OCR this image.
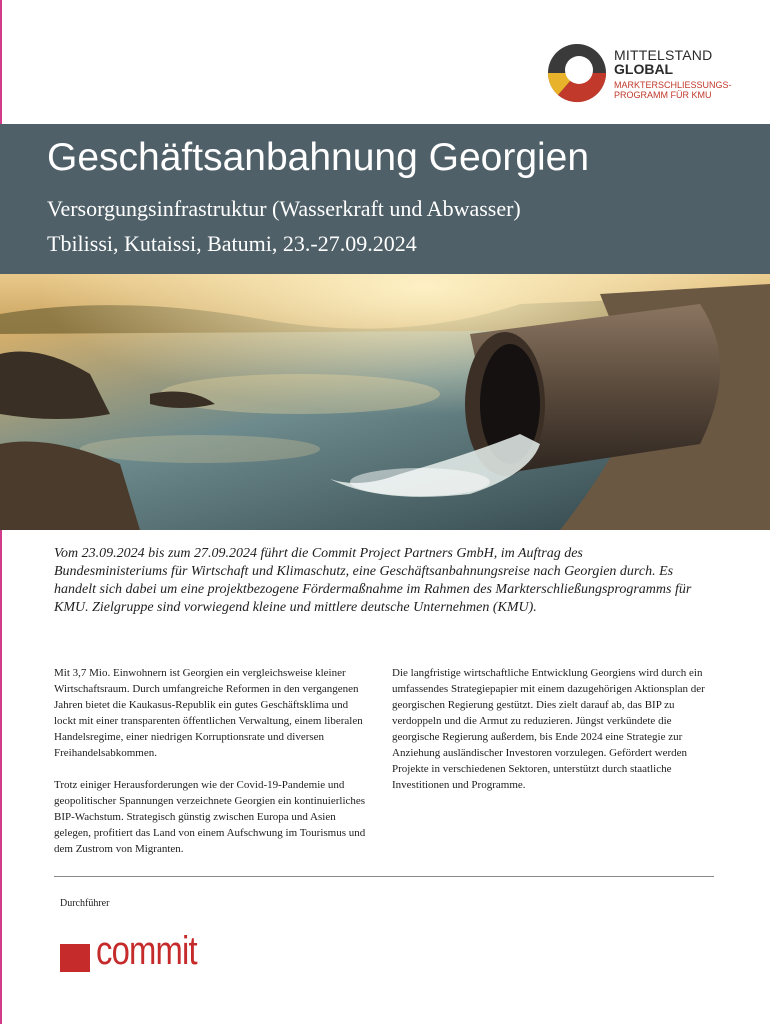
MITTELSTAND
GLOBAL
MARKTERSCHLIESSUNGS-
PROGRAMM FÜR KMU
Geschäftsanbahnung Georgien
Versorgungsinfrastruktur (Wasserkraft und Abwasser)
Tbilissi, Kutaissi, Batumi, 23.-27.09.2024

Vom 23.09.2024 bis zum 27.09.2024 führt die Commit Project Partners GmbH, im Auftrag des Bundesministeriums für Wirtschaft und Klimaschutz, eine Geschäftsanbahnungsreise nach Georgien durch. Es handelt sich dabei um eine projektbezogene Fördermaßnahme im Rahmen des Markterschließungsprogramms für KMU. Zielgruppe sind vorwiegend kleine und mittlere deutsche Unternehmen (KMU).

Mit 3,7 Mio. Einwohnern ist Georgien ein vergleichsweise kleiner Wirtschaftsraum. Durch umfangreiche Reformen in den vergangenen Jahren bietet die Kaukasus-Republik ein gutes Geschäftsklima und lockt mit einer transparenten öffentlichen Verwaltung, einem liberalen Handelsregime, einer niedrigen Korruptionsrate und diversen Freihandelsabkommen.

Trotz einiger Herausforderungen wie der Covid-19-Pandemie und geopolitischer Spannungen verzeichnete Georgien ein kontinuierliches BIP-Wachstum. Strategisch günstig zwischen Europa und Asien gelegen, profitiert das Land von einem Aufschwung im Tourismus und dem Zustrom von Migranten.

Die langfristige wirtschaftliche Entwicklung Georgiens wird durch ein umfassendes Strategiepapier mit einem dazugehörigen Aktionsplan der georgischen Regierung gestützt. Dies zielt darauf ab, das BIP zu verdoppeln und die Armut zu reduzieren. Jüngst verkündete die georgische Regierung außerdem, bis Ende 2024 eine Strategie zur Anziehung ausländischer Investoren vorzulegen. Gefördert werden Projekte in verschiedenen Sektoren, unterstützt durch staatliche Investitionen und Programme.

Durchführer
commit
